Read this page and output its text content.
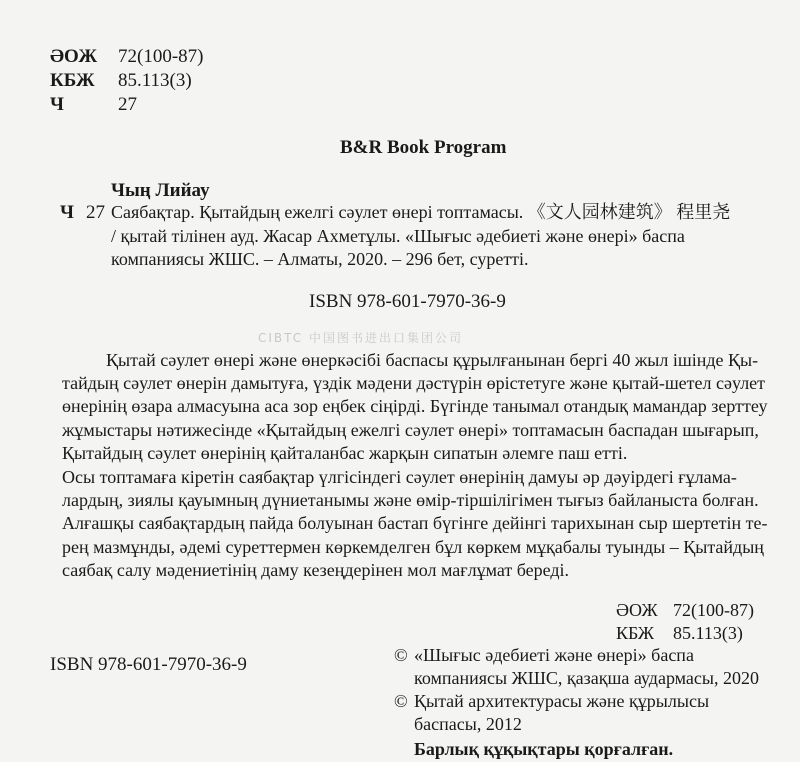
ӘОЖ 72(100-87)
КБЖ 85.113(3)
Ч	27
B&R Book Program
Чың Лийау
Ч 27 Саябақтар. Қытайдың ежелгі сәулет өнері топтамасы. 《文人园林建筑》 程里尧
/ қытай тілінен ауд. Жасар Ахметұлы. «Шығыс әдебиеті және өнері» баспа
компаниясы ЖШС. – Алматы, 2020. – 296 бет, суретті.
ISBN 978-601-7970-36-9
CIBTC 中国图书进出口集团公司
Қытай сәулет өнері және өнеркәсібі баспасы құрылғанынан бергі 40 жыл ішінде Қы-
тайдың сәулет өнерін дамытуға, үздік мәдени дәстүрін өрістетуге және қытай-шетел сәулет
өнерінің өзара алмасуына аса зор еңбек сіңірді. Бүгінде танымал отандық мамандар зерттеу
жұмыстары нәтижесінде «Қытайдың ежелгі сәулет өнері» топтамасын баспадан шығарып,
Қытайдың сәулет өнерінің қайталанбас жарқын сипатын әлемге паш етті.
Осы топтамаға кіретін саябақтар үлгісіндегі сәулет өнерінің дамуы әр дәуірдегі ғұлама-
лардың, зиялы қауымның дүниетанымы және өмір-тіршілігімен тығыз байланыста болған.
Алғашқы саябақтардың пайда болуынан бастап бүгінге дейінгі тарихынан сыр шертетін те-
рең мазмұнды, әдемі суреттермен көркемделген бұл көркем мұқабалы туынды – Қытайдың
саябақ салу мәдениетінің даму кезеңдерінен мол мағлұмат береді.
ӘОЖ 72(100-87)
КБЖ 85.113(3)
ISBN 978-601-7970-36-9	© «Шығыс әдебиеті және өнері» баспа
компаниясы ЖШС, қазақша аудармасы, 2020
© Қытай архитектурасы және құрылысы
баспасы, 2012
Барлық құқықтары қорғалған.
